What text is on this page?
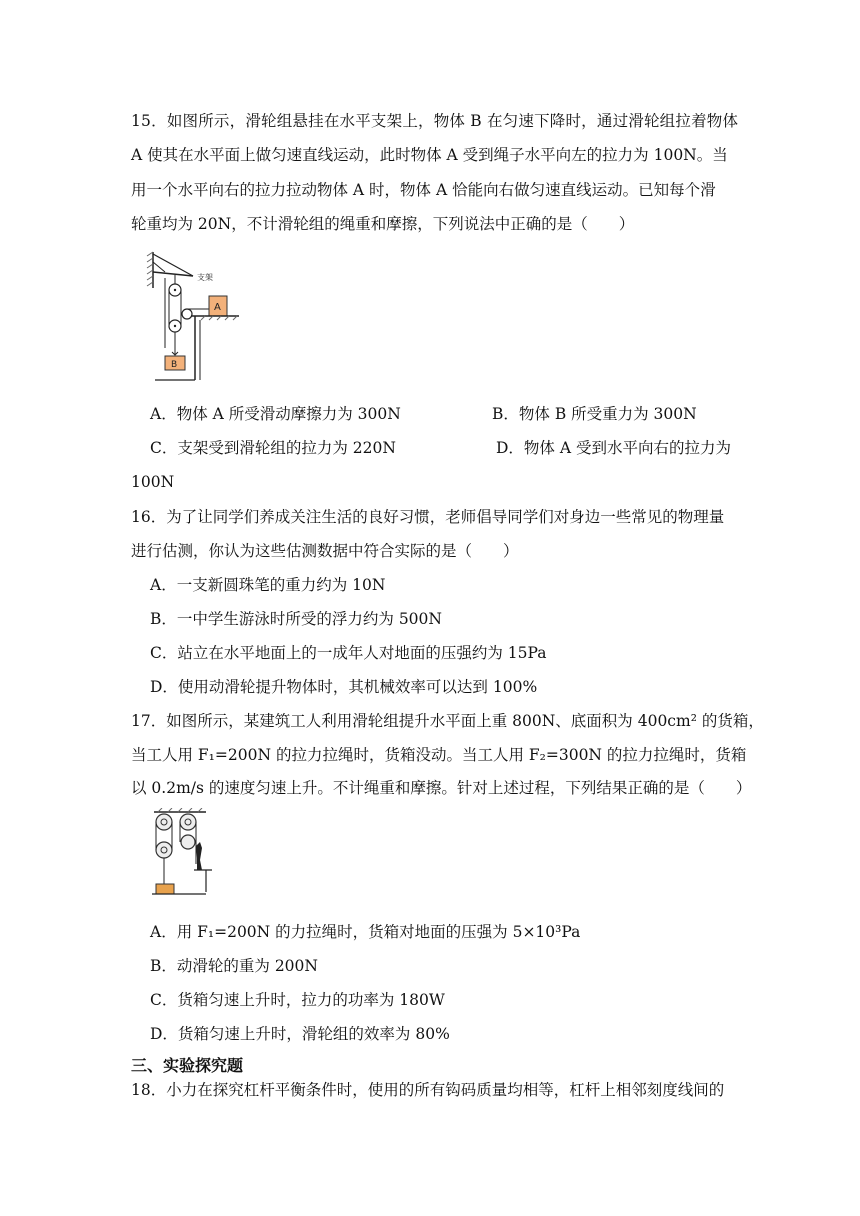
15．如图所示，滑轮组悬挂在水平支架上，物体 B 在匀速下降时，通过滑轮组拉着物体
A 使其在水平面上做匀速直线运动，此时物体 A 受到绳子水平向左的拉力为 100N。当
用一个水平向右的拉力拉动物体 A 时，物体 A 恰能向右做匀速直线运动。已知每个滑
轮重均为 20N，不计滑轮组的绳重和摩擦，下列说法中正确的是（　　）
支架
A
B
A．物体 A 所受滑动摩擦力为 300N	B．物体 B 所受重力为 300N
C．支架受到滑轮组的拉力为 220N	D．物体 A 受到水平向右的拉力为
100N
16．为了让同学们养成关注生活的良好习惯，老师倡导同学们对身边一些常见的物理量
进行估测，你认为这些估测数据中符合实际的是（　　）
A．一支新圆珠笔的重力约为 10N
B．一中学生游泳时所受的浮力约为 500N
C．站立在水平地面上的一成年人对地面的压强约为 15Pa
D．使用动滑轮提升物体时，其机械效率可以达到 100%
17．如图所示，某建筑工人利用滑轮组提升水平面上重 800N、底面积为 400cm² 的货箱，
当工人用 F₁=200N 的拉力拉绳时，货箱没动。当工人用 F₂=300N 的拉力拉绳时，货箱
以 0.2m/s 的速度匀速上升。不计绳重和摩擦。针对上述过程，下列结果正确的是（　　）
A．用 F₁=200N 的力拉绳时，货箱对地面的压强为 5×10³Pa
B．动滑轮的重为 200N
C．货箱匀速上升时，拉力的功率为 180W
D．货箱匀速上升时，滑轮组的效率为 80%
三、实验探究题
18．小力在探究杠杆平衡条件时，使用的所有钩码质量均相等，杠杆上相邻刻度线间的
